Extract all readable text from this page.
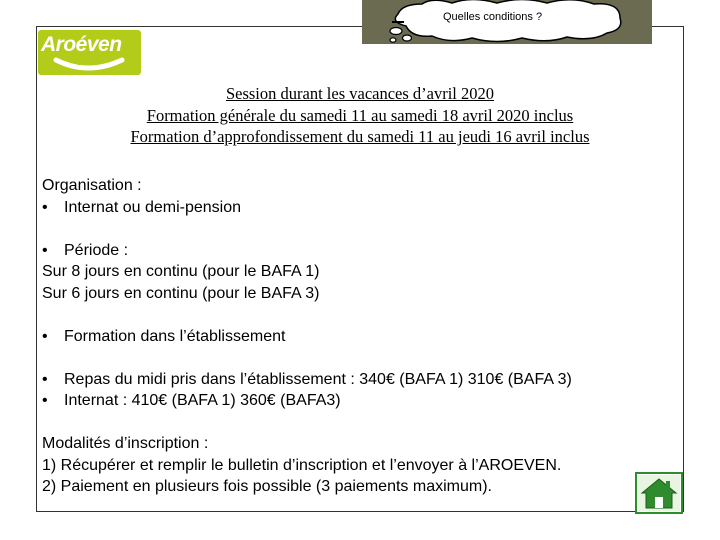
Aroéven
Quelles conditions ?
Session durant les vacances d’avril 2020
Formation générale du samedi 11 au samedi 18 avril 2020 inclus
Formation d’approfondissement du samedi 11 au jeudi 16 avril inclus
Organisation :
• Internat ou demi-pension
• Période :
Sur 8 jours en continu (pour le BAFA 1)
Sur 6 jours en continu (pour le BAFA 3)
• Formation dans l’établissement
• Repas du midi pris dans l’établissement : 340€ (BAFA 1) 310€ (BAFA 3)
• Internat : 410€ (BAFA 1) 360€ (BAFA3)
Modalités d’inscription :
1) Récupérer et remplir le bulletin d’inscription et l’envoyer à l’AROEVEN.
2) Paiement en plusieurs fois possible (3 paiements maximum).
